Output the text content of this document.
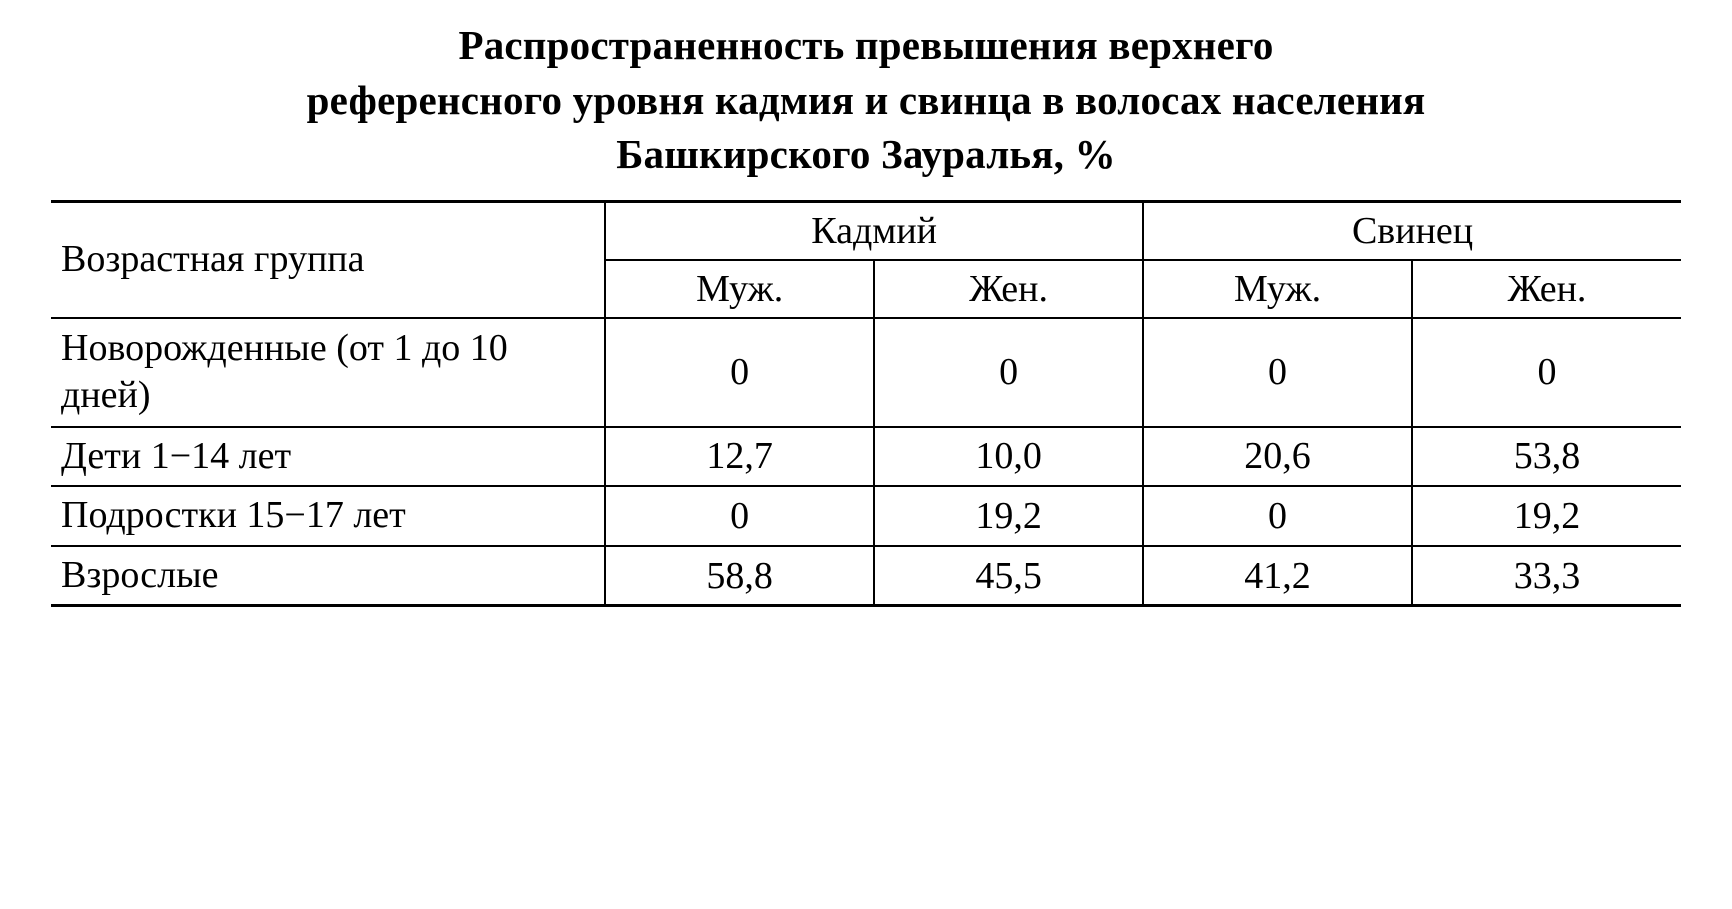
Распространенность превышения верхнего
референсного уровня кадмия и свинца в волосах населения
Башкирского Зауралья, %
Возрастная группа	Кадмий		Свинец	
	Муж.	Жен.	Муж.	Жен.
Новорожденные (от 1 до 10 дней)	0	0	0	0
Дети 1−14 лет	12,7	10,0	20,6	53,8
Подростки 15−17 лет	0	19,2	0	19,2
Взрослые	58,8	45,5	41,2	33,3
